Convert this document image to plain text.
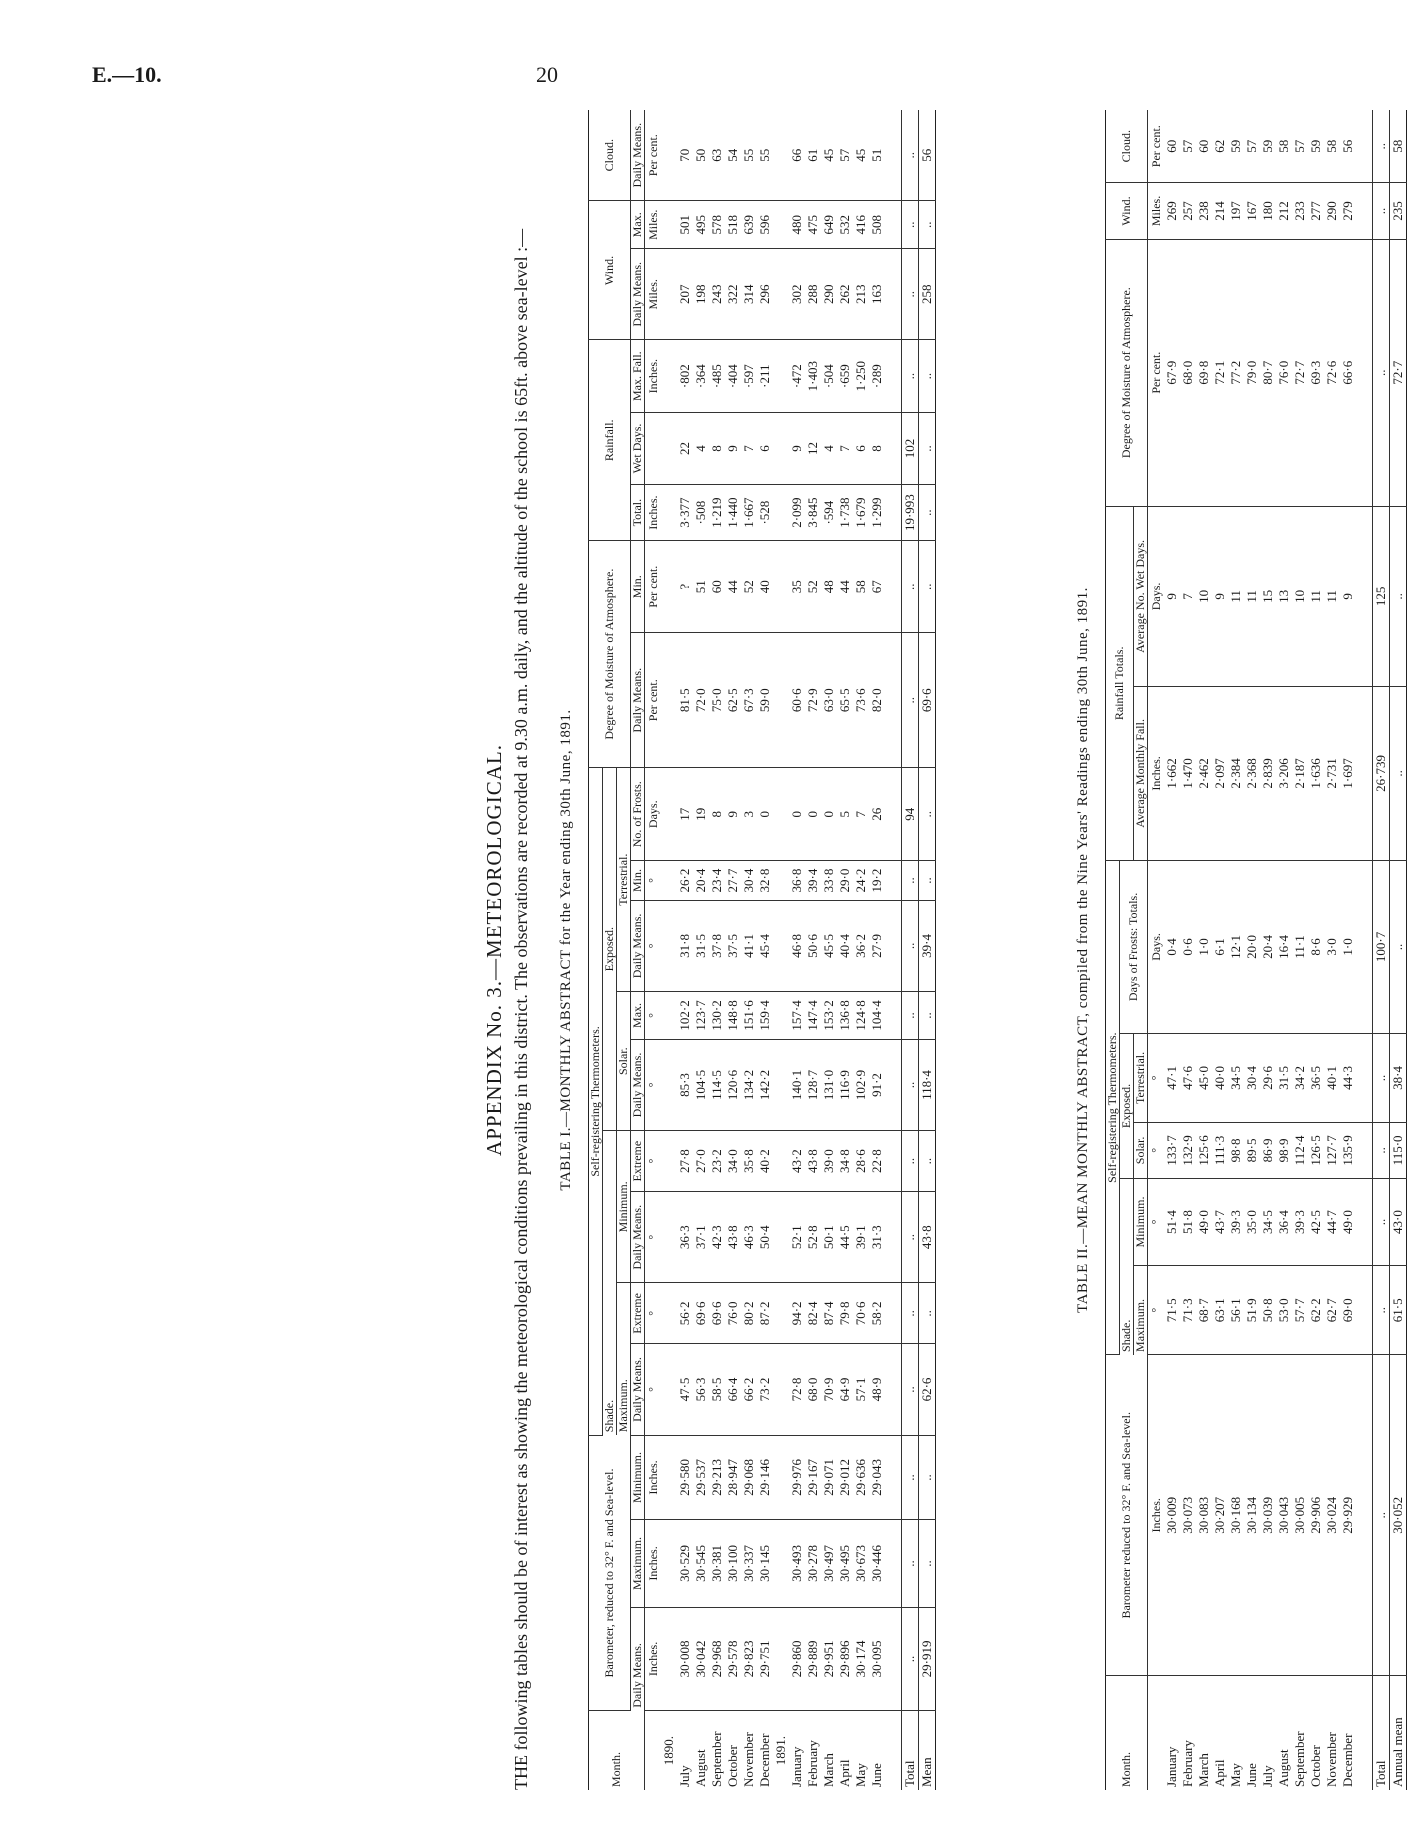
E.—10.	20
APPENDIX No. 3.—METEOROLOGICAL. THE following tables should be of interest as showing the meteorological conditions prevailing in this district. The observations are recorded at 9.30 a.m. daily, and the altitude of the school is 65ft. above sea-level :— TABLE I.—MONTHLY ABSTRACT for the Year ending 30th June, 1891.
Month.	Barometer, reduced to 32° F. and Sea-level.			Self-registering Thermometers.									Degree of Moisture of Atmosphere.		Rainfall.			Wind.		Cloud.
				Shade.				Exposed.												
				Maximum.		Minimum.		Solar.		Terrestrial.										
	Daily Means.	Maximum.	Minimum.	Daily Means.	Extreme	Daily Means.	Extreme	Daily Means.	Max.	Daily Means.	Min.	No. of Frosts.	Daily Means.	Min.	Total.	Wet Days.	Max. Fall.	Daily Means.	Max.	Daily Means.
	Inches.	Inches.	Inches.	°	°	°	°	°	°	°	°	Days.	Per cent.	Per cent.	Inches.		Inches.	Miles.	Miles.	Per cent.
1890.																				
July	30·008	30·529	29·580	47·5	56·2	36·3	27·8	85·3	102·2	31·8	26·2	17	81·5	?	3·377	22	·802	207	501	70
August	30·042	30·545	29·537	56·3	69·6	37·1	27·0	104·5	123·7	31·5	20·4	19	72·0	51	·508	4	·364	198	495	50
September	29·968	30·381	29·213	58·5	69·6	42·3	23·2	114·5	130·2	37·8	23·4	8	75·0	60	1·219	8	·485	243	578	63
October	29·578	30·100	28·947	66·4	76·0	43·8	34·0	120·6	148·8	37·5	27·7	9	62·5	44	1·440	9	·404	322	518	54
November	29·823	30·337	29·068	66·2	80·2	46·3	35·8	134·2	151·6	41·1	30·4	3	67·3	52	1·667	7	·597	314	639	55
December	29·751	30·145	29·146	73·2	87·2	50·4	40·2	142·2	159·4	45·4	32·8	0	59·0	40	·528	6	·211	296	596	55
1891.																				
January	29·860	30·493	29·976	72·8	94·2	52·1	43·2	140·1	157·4	46·8	36·8	0	60·6	35	2·099	9	·472	302	480	66
February	29·889	30·278	29·167	68·0	82·4	52·8	43·8	128·7	147·4	50·6	39·4	0	72·9	52	3·845	12	1·403	288	475	61
March	29·951	30·497	29·071	70·9	87·4	50·1	39·0	131·0	153·2	45·5	33·8	0	63·0	48	·594	4	·504	290	649	45
April	29·896	30·495	29·012	64·9	79·8	44·5	34·8	116·9	136·8	40·4	29·0	5	65·5	44	1·738	7	·659	262	532	57
May	30·174	30·673	29·636	57·1	70·6	39·1	28·6	102·9	124·8	36·2	24·2	7	73·6	58	1·679	6	1·250	213	416	45
June	30·095	30·446	29·043	48·9	58·2	31·3	22·8	91·2	104·4	27·9	19·2	26	82·0	67	1·299	8	·289	163	508	51

Total	..	..	..	..	..	..	..	..	..	..	..	94	..	..	19·993	102	..	..	..	..
Mean	29·919	..	..	62·6	..	43·8	..	118·4	..	39·4	..	..	69·6	..	..	..	..	258	..	56
TABLE II.—MEAN MONTHLY ABSTRACT, compiled from the Nine Years' Readings ending 30th June, 1891.
Month.	Barometer reduced to 32° F. and Sea-level.	Self-registering Thermometers.					Rainfall Totals.		Degree of Moisture of Atmosphere.	Wind.	Cloud.
		Shade.		Exposed.		Days of Frosts: Totals.					
		Maximum.	Minimum.	Solar.	Terrestrial.		Average Monthly Fall.	Average No. Wet Days.			
	Inches.	°	°	°	°	Days.	Inches.	Days.	Per cent.	Miles.	Per cent.
January	30·009	71·5	51·4	133·7	47·1	0·4	1·662	9	67·9	269	60
February	30·073	71·3	51·8	132·9	47·6	0·6	1·470	7	68·0	257	57
March	30·083	68·7	49·0	125·6	45·0	1·0	2·462	10	69·8	238	60
April	30·207	63·1	43·7	111·3	40·0	6·1	2·097	9	72·1	214	62
May	30·168	56·1	39·3	98·8	34·5	12·1	2·384	11	77·2	197	59
June	30·134	51·9	35·0	89·5	30·4	20·0	2·368	11	79·0	167	57
July	30·039	50·8	34·5	86·9	29·6	20·4	2·839	15	80·7	180	59
August	30·043	53·0	36·4	98·9	31·5	16·4	3·206	13	76·0	212	58
September	30·005	57·7	39·3	112·4	34·2	11·1	2·187	10	72·7	233	57
October	29·906	62·2	42·5	126·5	36·5	8·6	1·636	11	69·3	277	59
November	30·024	62·7	44·7	127·7	40·1	3·0	2·731	11	72·6	290	58
December	29·929	69·0	49·0	135·9	44·3	1·0	1·697	9	66·6	279	56

Total	..	..	..	..	..	100·7	26·739	125	..	..	..
Annual mean	30·052	61·5	43·0	115·0	38·4	..	..	..	72·7	235	58
